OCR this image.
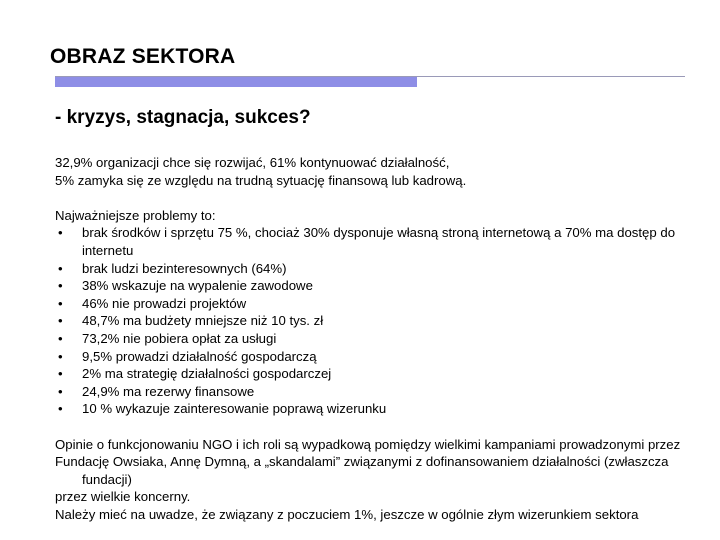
OBRAZ SEKTORA
- kryzys, stagnacja, sukces?

32,9% organizacji chce się rozwijać, 61% kontynuować działalność,

5% zamyka się ze względu na trudną sytuację finansową lub kadrową.

Najważniejsze problemy to:

• brak środków i sprzętu 75 %, chociaż 30% dysponuje własną stroną internetową a 70% ma dostęp do internetu
• brak ludzi bezinteresownych (64%)
• 38% wskazuje na wypalenie zawodowe
• 46% nie prowadzi projektów
• 48,7% ma budżety mniejsze niż 10 tys. zł
• 73,2% nie pobiera opłat za usługi
• 9,5% prowadzi działalność gospodarczą
• 2% ma strategię działalności gospodarczej
• 24,9% ma rezerwy finansowe
• 10 % wykazuje zainteresowanie poprawą wizerunku

Opinie o funkcjonowaniu NGO i ich roli są wypadkową pomiędzy wielkimi kampaniami prowadzonymi przez

Fundację Owsiaka, Annę Dymną, a „skandalami” związanymi z dofinansowaniem działalności (zwłaszcza fundacji)

przez wielkie koncerny.

Należy mieć na uwadze, że związany z poczuciem 1%, jeszcze w ogólnie złym wizerunkiem sektora
